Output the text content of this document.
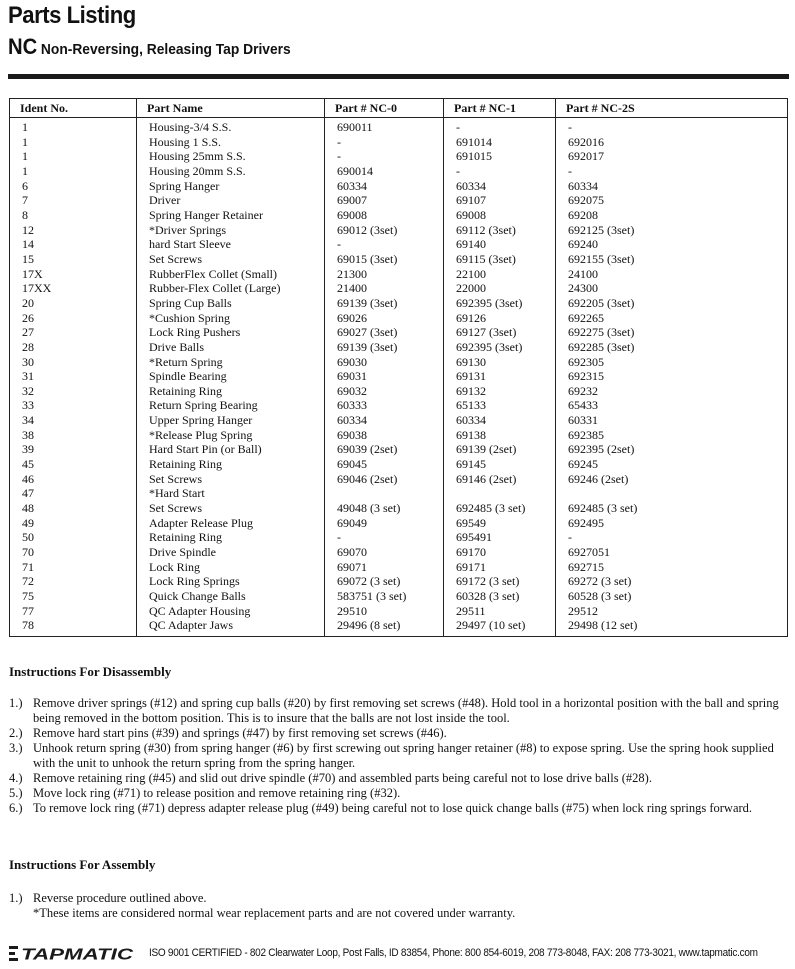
Parts Listing
NC Non-Reversing, Releasing Tap Drivers
Ident No.	Part Name	Part # NC-0	Part # NC-1	Part # NC-2S
1	Housing-3/4 S.S.	690011	-	-
1	Housing 1 S.S.	-	691014	692016
1	Housing 25mm S.S.	-	691015	692017
1	Housing 20mm S.S.	690014	-	-
6	Spring Hanger	60334	60334	60334
7	Driver	69007	69107	692075
8	Spring Hanger Retainer	69008	69008	69208
12	*Driver Springs	69012 (3set)	69112 (3set)	692125 (3set)
14	hard Start Sleeve	-	69140	69240
15	Set Screws	69015 (3set)	69115 (3set)	692155 (3set)
17X	RubberFlex Collet (Small)	21300	22100	24100
17XX	Rubber-Flex Collet (Large)	21400	22000	24300
20	Spring Cup Balls	69139 (3set)	692395 (3set)	692205 (3set)
26	*Cushion Spring	69026	69126	692265
27	Lock Ring Pushers	69027 (3set)	69127 (3set)	692275 (3set)
28	Drive Balls	69139 (3set)	692395 (3set)	692285 (3set)
30	*Return Spring	69030	69130	692305
31	Spindle Bearing	69031	69131	692315
32	Retaining Ring	69032	69132	69232
33	Return Spring Bearing	60333	65133	65433
34	Upper Spring Hanger	60334	60334	60331
38	*Release Plug Spring	69038	69138	692385
39	Hard Start Pin (or Ball)	69039 (2set)	69139 (2set)	692395 (2set)
45	Retaining Ring	69045	69145	69245
46	Set Screws	69046 (2set)	69146 (2set)	69246 (2set)
47	*Hard Start			
48	Set Screws	49048 (3 set)	692485 (3 set)	692485 (3 set)
49	Adapter Release Plug	69049	69549	692495
50	Retaining Ring	-	695491	-
70	Drive Spindle	69070	69170	6927051
71	Lock Ring	69071	69171	692715
72	Lock Ring Springs	69072 (3 set)	69172 (3 set)	69272 (3 set)
75	Quick Change Balls	583751 (3 set)	60328 (3 set)	60528 (3 set)
77	QC Adapter Housing	29510	29511	29512
78	QC Adapter Jaws	29496 (8 set)	29497 (10 set)	29498 (12 set)
Instructions For Disassembly
1.) Remove driver springs (#12) and spring cup balls (#20) by first removing set screws (#48). Hold tool in a horizontal position with the ball and spring being removed in the bottom position. This is to insure that the balls are not lost inside the tool.
2.) Remove hard start pins (#39) and springs (#47) by first removing set screws (#46).
3.) Unhook return spring (#30) from spring hanger (#6) by first screwing out spring hanger retainer (#8) to expose spring. Use the spring hook supplied with the unit to unhook the return spring from the spring hanger.
4.) Remove retaining ring (#45) and slid out drive spindle (#70) and assembled parts being careful not to lose drive balls (#28).
5.) Move lock ring (#71) to release position and remove retaining ring (#32).
6.) To remove lock ring (#71) depress adapter release plug (#49) being careful not to lose quick change balls (#75) when lock ring springs forward.
Instructions For Assembly
1.) Reverse procedure outlined above.
*These items are considered normal wear replacement parts and are not covered under warranty.
TAPMATIC ISO 9001 CERTIFIED - 802 Clearwater Loop, Post Falls, ID 83854, Phone: 800 854-6019, 208 773-8048, FAX: 208 773-3021, www.tapmatic.com
